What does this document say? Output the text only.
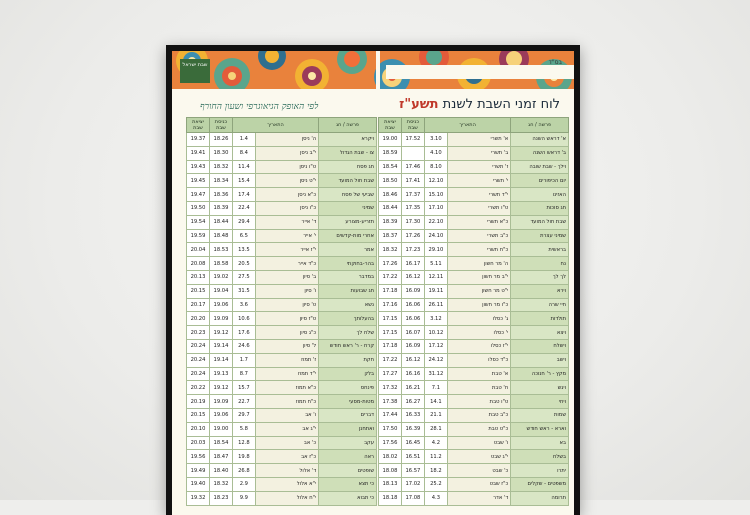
שבת ישראל	בס"ד
לוח זמני השבת לשנת תשע"ז
לפי האופק הגיאוגרפי ושעון החורף
פרשה / חג	התאריך		כניסת שבת	יציאת שבת
א' דראש השנה	א' תשרי	3.10	17.52	19.00
ב' דראש השנה	ב' תשרי	4.10		18.59
וילך - שבת שובה	ז' תשרי	8.10	17.46	18.54
יום הכיפורים	י' תשרי	12.10	17.41	18.50
האזינו	י"ד תשרי	15.10	17.37	18.46
חג סוכות	ט"ו תשרי	17.10	17.35	18.44
שבת חול המועד	כ"א תשרי	22.10	17.30	18.39
שמיני עצרת	כ"ב תשרי	24.10	17.26	18.37
בראשית	כ"ח תשרי	29.10	17.23	18.32
נח	ה' מר חשון	5.11	16.17	17.26
לך לך	י"ב מר חשון	12.11	16.12	17.22
וירא	י"ט מר חשון	19.11	16.09	17.18
חיי שרה	כ"ו מר חשון	26.11	16.06	17.16
תולדות	ג' כסלו	3.12	16.06	17.15
ויצא	י' כסלו	10.12	16.07	17.15
וישלח	י"ז כסלו	17.12	16.09	17.18
וישב	כ"ד כסלו	24.12	16.12	17.22
מקץ - ר' חנוכה	א' טבת	31.12	16.16	17.27
ויגש	ח' טבת	7.1	16.21	17.32
ויחי	ט"ו טבת	14.1	16.27	17.38
שמות	כ"ב טבת	21.1	16.33	17.44
וארא - ראש חודש	כ"ט טבת	28.1	16.39	17.50
בא	ו' שבט	4.2	16.45	17.56
בשלח	י"ג שבט	11.2	16.51	18.02
יתרו	כ' שבט	18.2	16.57	18.08
משפטים - שקלים	כ"ז שבט	25.2	17.02	18.13
תרומה	ד' אדר	4.3	17.08	18.18
פרשה / חג	התאריך		כניסת שבת	יציאת שבת
ויקרא	ה' ניסן	1.4	18.26	19.37
צו - שבת הגדול	י"ב ניסן	8.4	18.30	19.41
חג פסח	ט"ו ניסן	11.4	18.32	19.43
שבת חול המועד	י"ט ניסן	15.4	18.34	19.45
שביעי של פסח	כ"א ניסן	17.4	18.36	19.47
שמיני	כ"ו ניסן	22.4	18.39	19.50
תזריע-מצורע	ד' אייר	29.4	18.44	19.54
אחרי מות-קדשים	י' אייר	6.5	18.48	19.59
אמר	י"ז אייר	13.5	18.53	20.04
בהר-בחוקתי	כ"ד אייר	20.5	18.58	20.08
במדבר	ב' סיון	27.5	19.02	20.13
חג שבועות	ו' סיון	31.5	19.04	20.15
נשא	ט' סיון	3.6	19.06	20.17
בהעלותך	ט"ז סיון	10.6	19.09	20.20
שלח לך	כ"ג סיון	17.6	19.12	20.23
קרח - ר' ראש חודש	ל' סיון	24.6	19.14	20.24
חקת	ז' תמוז	1.7	19.14	20.24
בלק	י"ד תמוז	8.7	19.13	20.24
פינחס	כ"א תמוז	15.7	19.12	20.22
מטות-מסעי	כ"ח תמוז	22.7	19.09	20.19
דברים	ו' אב	29.7	19.06	20.15
ואתחנן	י"ג אב	5.8	19.00	20.10
עקב	כ' אב	12.8	18.54	20.03
ראה	כ"ז אב	19.8	18.47	19.56
שופטים	ד' אלול	26.8	18.40	19.49
כי תצא	י"א אלול	2.9	18.32	19.40
כי תבוא	י"ח אלול	9.9	18.23	19.32
